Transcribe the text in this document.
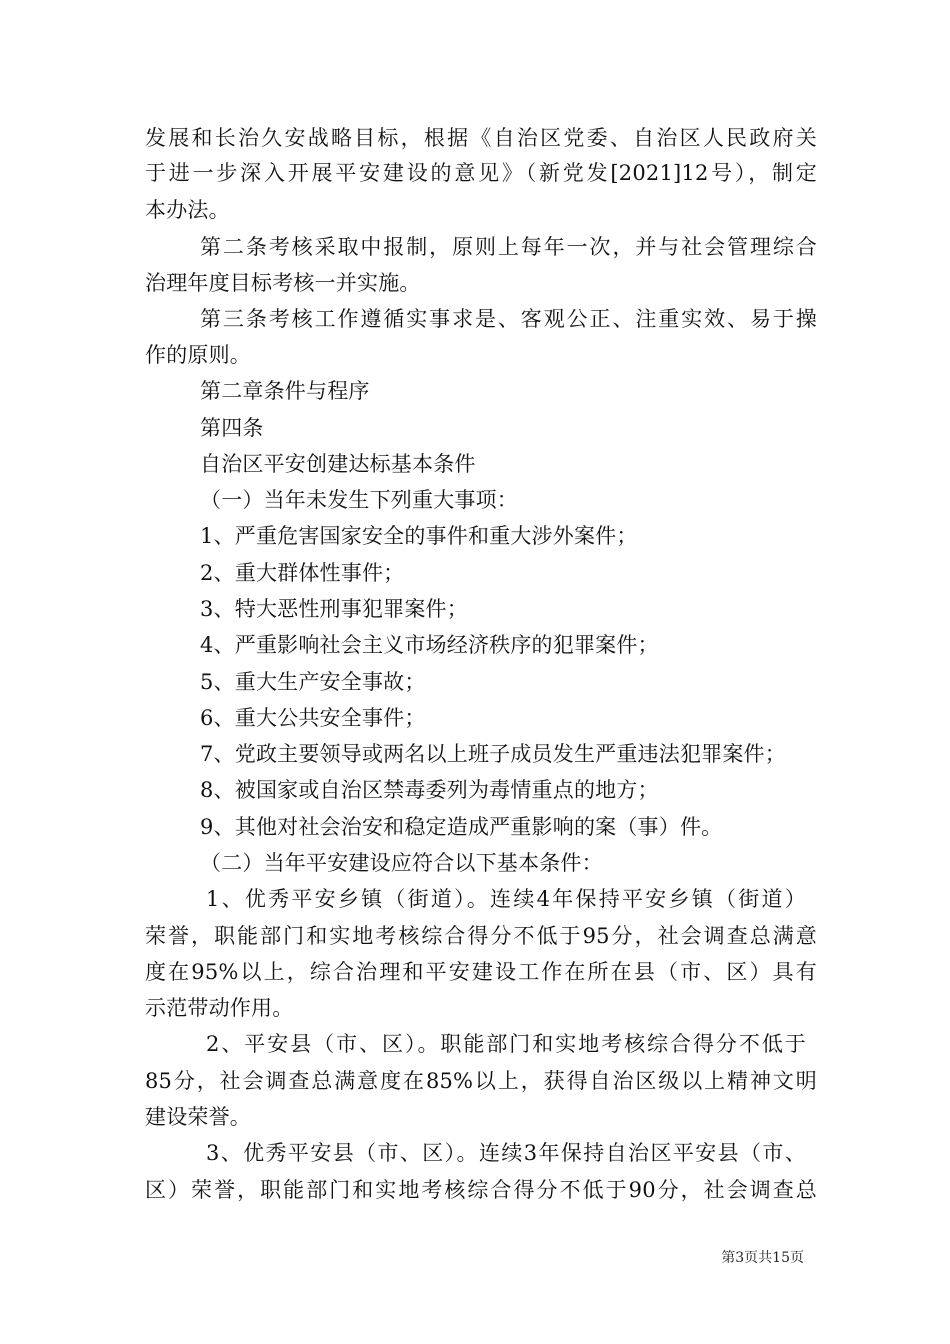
发展和长治久安战略目标，根据《自治区党委、自治区人民政府关
于进一步深入开展平安建设的意见》（新党发[2021]12号），制定
本办法。
第二条考核采取中报制，原则上每年一次，并与社会管理综合
治理年度目标考核一并实施。
第三条考核工作遵循实事求是、客观公正、注重实效、易于操
作的原则。
第二章条件与程序
第四条
自治区平安创建达标基本条件
（一）当年未发生下列重大事项：
1、严重危害国家安全的事件和重大涉外案件；
2、重大群体性事件；
3、特大恶性刑事犯罪案件；
4、严重影响社会主义市场经济秩序的犯罪案件；
5、重大生产安全事故；
6、重大公共安全事件；
7、党政主要领导或两名以上班子成员发生严重违法犯罪案件；
8、被国家或自治区禁毒委列为毒情重点的地方；
9、其他对社会治安和稳定造成严重影响的案（事）件。
（二）当年平安建设应符合以下基本条件：
1、优秀平安乡镇（街道）。连续4年保持平安乡镇（街道）
荣誉，职能部门和实地考核综合得分不低于95分，社会调查总满意
度在95%以上，综合治理和平安建设工作在所在县（市、区）具有
示范带动作用。
2、平安县（市、区）。职能部门和实地考核综合得分不低于
85分，社会调查总满意度在85%以上，获得自治区级以上精神文明
建设荣誉。
3、优秀平安县（市、区）。连续3年保持自治区平安县（市、
区）荣誉，职能部门和实地考核综合得分不低于90分，社会调查总
第3页共15页
